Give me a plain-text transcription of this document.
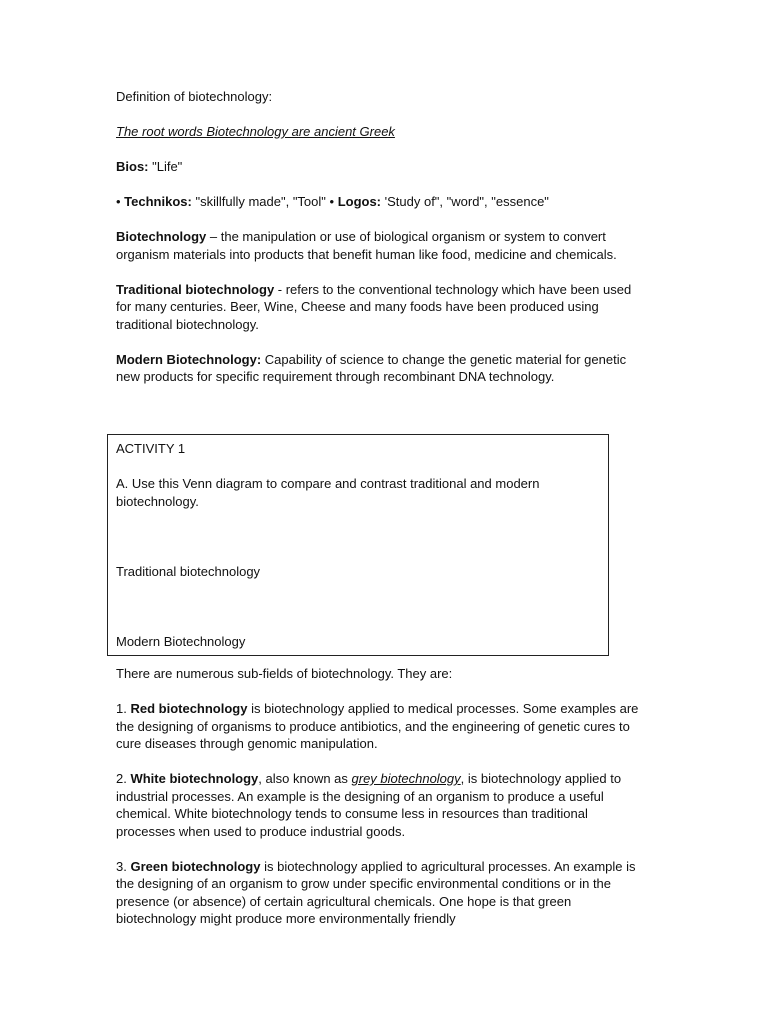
Definition of biotechnology:

The root words Biotechnology are ancient Greek

Bios: "Life"

• Technikos: "skillfully made", "Tool" • Logos: 'Study of", "word", "essence"

Biotechnology – the manipulation or use of biological organism or system to convert organism materials into products that benefit human like food, medicine and chemicals.

Traditional biotechnology - refers to the conventional technology which have been used for many centuries. Beer, Wine, Cheese and many foods have been produced using traditional biotechnology.

Modern Biotechnology: Capability of science to change the genetic material for genetic new products for specific requirement through recombinant DNA technology.

ACTIVITY 1

A. Use this Venn diagram to compare and contrast traditional and modern biotechnology.

Traditional biotechnology

Modern Biotechnology

There are numerous sub-fields of biotechnology. They are:

1. Red biotechnology is biotechnology applied to medical processes. Some examples are the designing of organisms to produce antibiotics, and the engineering of genetic cures to cure diseases through genomic manipulation.

2. White biotechnology, also known as grey biotechnology, is biotechnology applied to industrial processes. An example is the designing of an organism to produce a useful chemical. White biotechnology tends to consume less in resources than traditional processes when used to produce industrial goods.

3. Green biotechnology is biotechnology applied to agricultural processes. An example is the designing of an organism to grow under specific environmental conditions or in the presence (or absence) of certain agricultural chemicals. One hope is that green biotechnology might produce more environmentally friendly
